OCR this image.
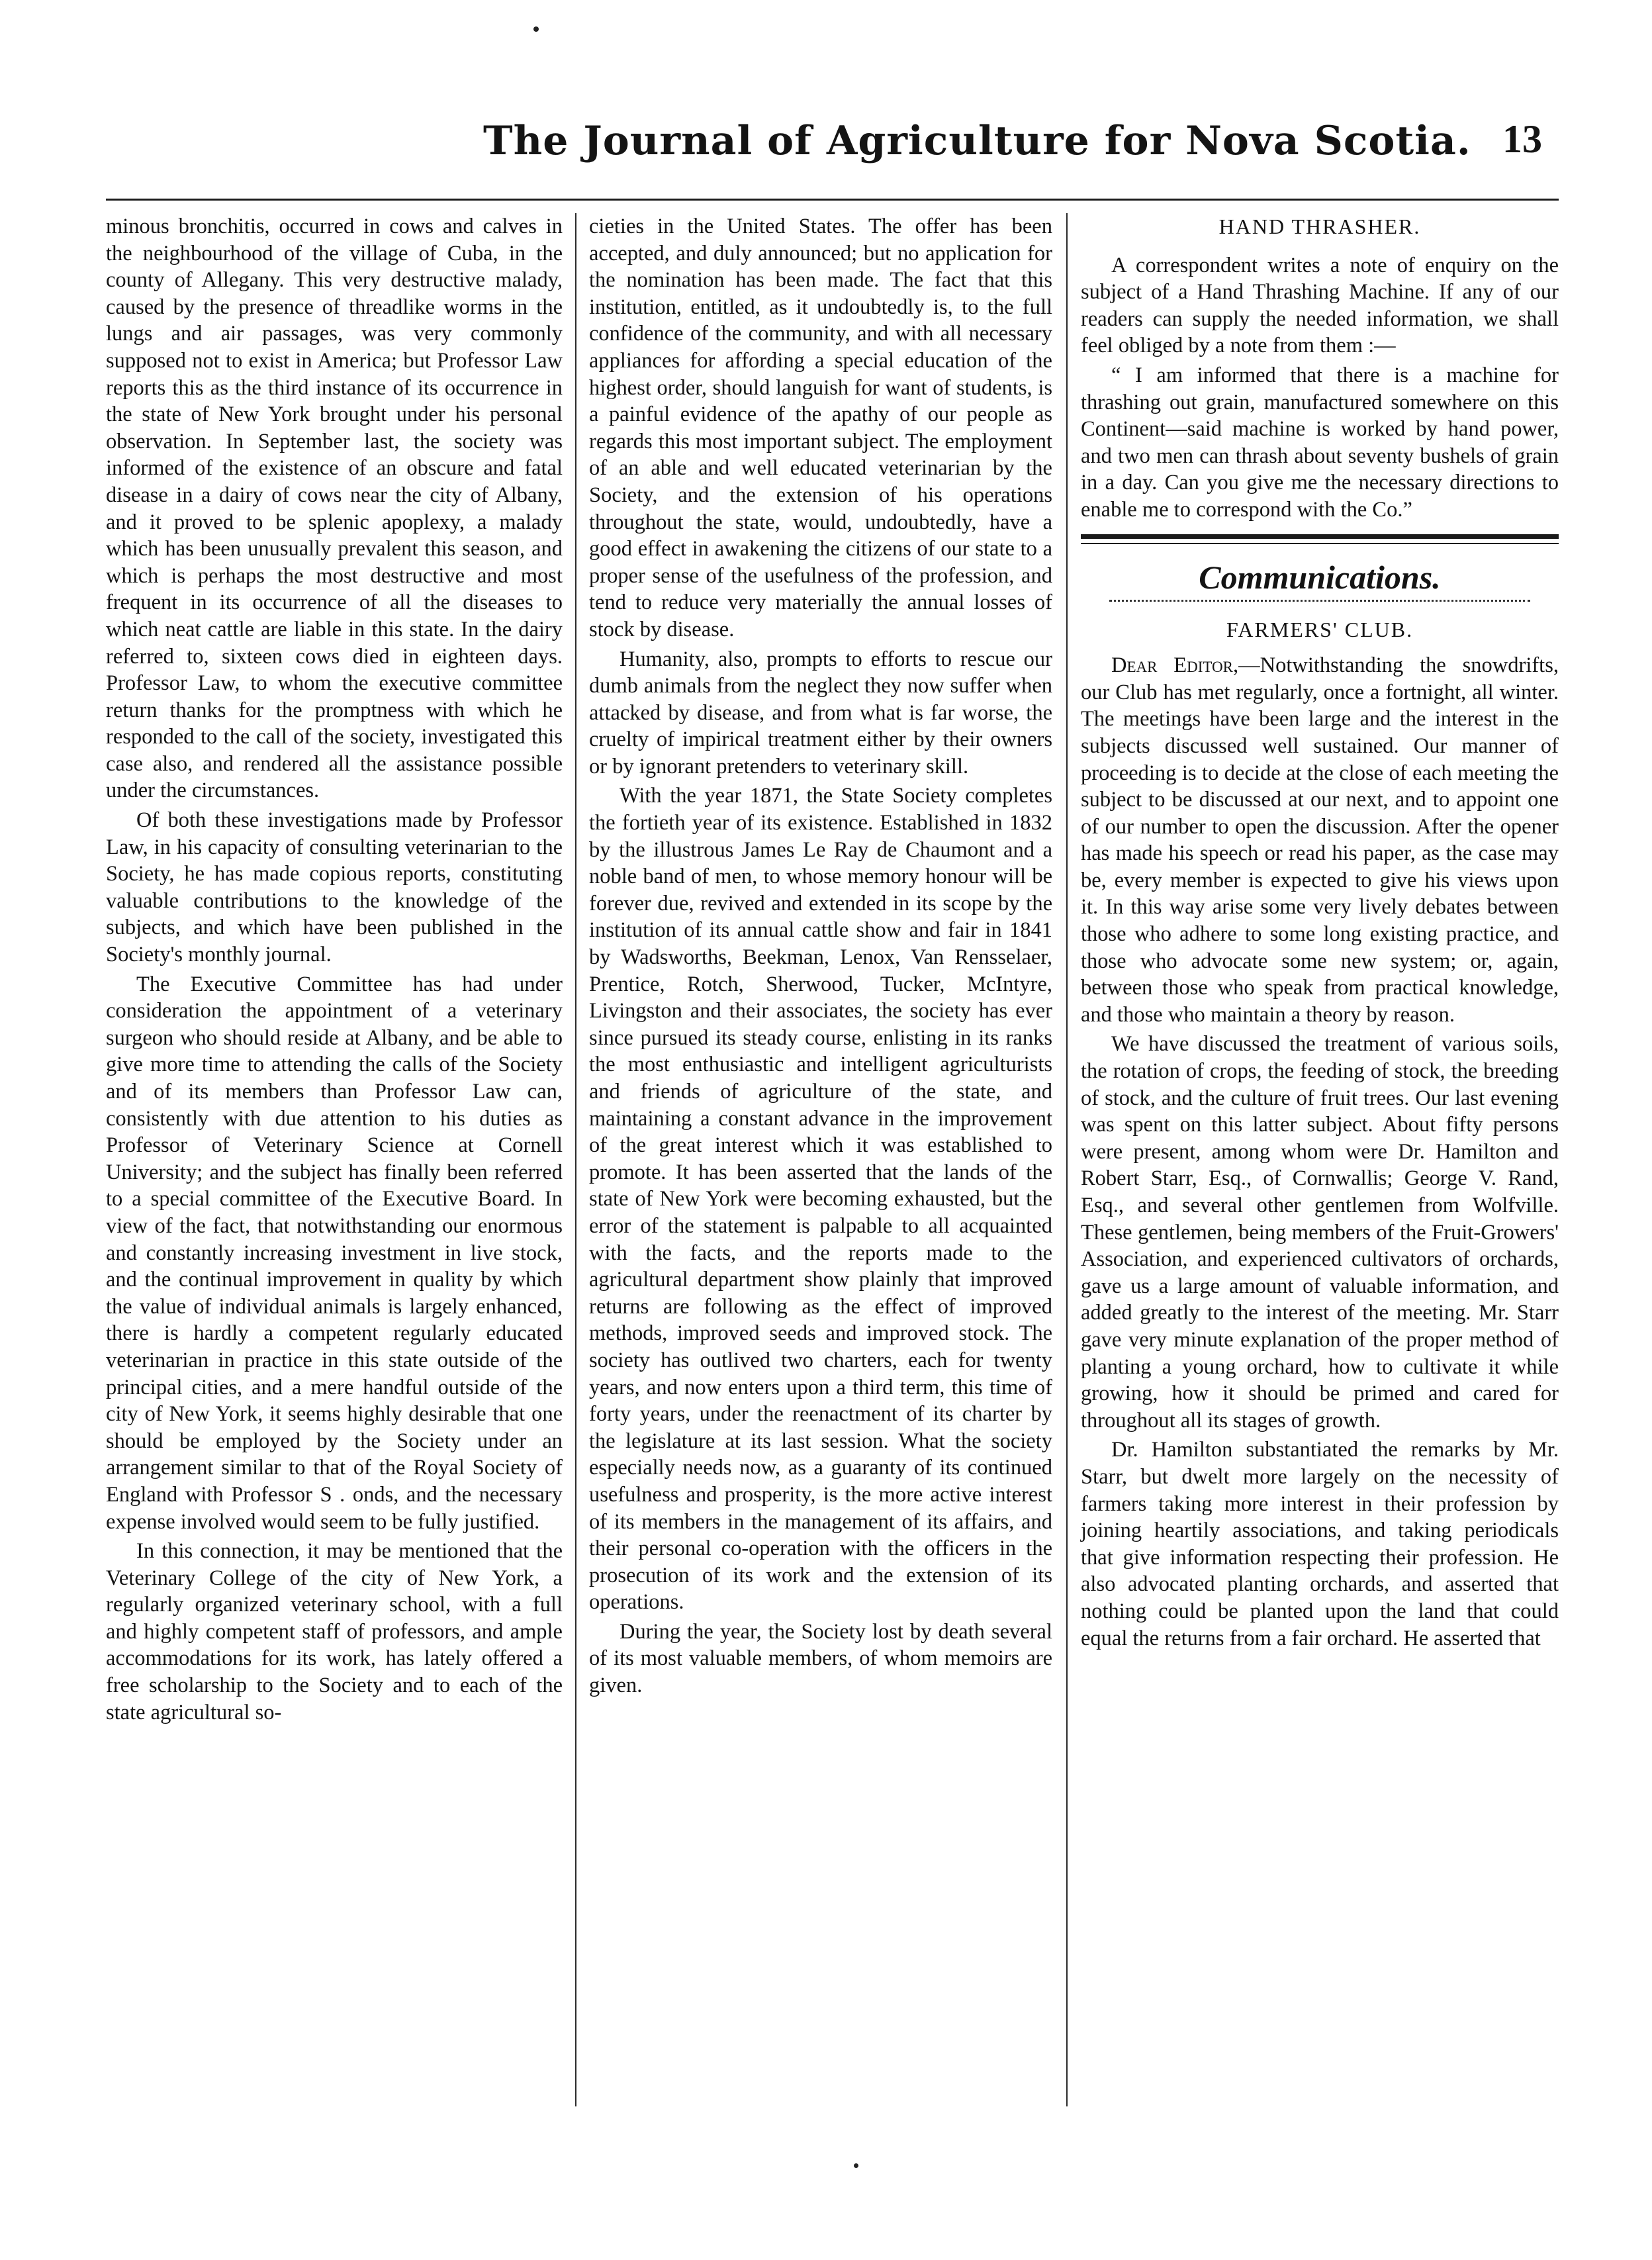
The Journal of Agriculture for Nova Scotia. 13

minous bronchitis, occurred in cows and calves in the neighbourhood of the village of Cuba, in the county of Allegany. This very destructive malady, caused by the presence of threadlike worms in the lungs and air passages, was very commonly supposed not to exist in America; but Professor Law reports this as the third instance of its occurrence in the state of New York brought under his personal observation. In September last, the society was informed of the existence of an obscure and fatal disease in a dairy of cows near the city of Albany, and it proved to be splenic apoplexy, a malady which has been unusually prevalent this season, and which is perhaps the most destructive and most frequent in its occurrence of all the diseases to which neat cattle are liable in this state. In the dairy referred to, sixteen cows died in eighteen days. Professor Law, to whom the executive committee return thanks for the promptness with which he responded to the call of the society, investigated this case also, and rendered all the assistance possible under the circumstances.

Of both these investigations made by Professor Law, in his capacity of consulting veterinarian to the Society, he has made copious reports, constituting valuable contributions to the knowledge of the subjects, and which have been published in the Society's monthly journal.

The Executive Committee has had under consideration the appointment of a veterinary surgeon who should reside at Albany, and be able to give more time to attending the calls of the Society and of its members than Professor Law can, consistently with due attention to his duties as Professor of Veterinary Science at Cornell University; and the subject has finally been referred to a special committee of the Executive Board. In view of the fact, that notwithstanding our enormous and constantly increasing investment in live stock, and the continual improvement in quality by which the value of individual animals is largely enhanced, there is hardly a competent regularly educated veterinarian in practice in this state outside of the principal cities, and a mere handful outside of the city of New York, it seems highly desirable that one should be employed by the Society under an arrangement similar to that of the Royal Society of England with Professor S . onds, and the necessary expense involved would seem to be fully justified.

In this connection, it may be mentioned that the Veterinary College of the city of New York, a regularly organized veterinary school, with a full and highly competent staff of professors, and ample accommodations for its work, has lately offered a free scholarship to the Society and to each of the state agricultural so-

cieties in the United States. The offer has been accepted, and duly announced; but no application for the nomination has been made. The fact that this institution, entitled, as it undoubtedly is, to the full confidence of the community, and with all necessary appliances for affording a special education of the highest order, should languish for want of students, is a painful evidence of the apathy of our people as regards this most important subject. The employment of an able and well educated veterinarian by the Society, and the extension of his operations throughout the state, would, undoubtedly, have a good effect in awakening the citizens of our state to a proper sense of the usefulness of the profession, and tend to reduce very materially the annual losses of stock by disease.

Humanity, also, prompts to efforts to rescue our dumb animals from the neglect they now suffer when attacked by disease, and from what is far worse, the cruelty of impirical treatment either by their owners or by ignorant pretenders to veterinary skill.

With the year 1871, the State Society completes the fortieth year of its existence. Established in 1832 by the illustrous James Le Ray de Chaumont and a noble band of men, to whose memory honour will be forever due, revived and extended in its scope by the institution of its annual cattle show and fair in 1841 by Wadsworths, Beekman, Lenox, Van Rensselaer, Prentice, Rotch, Sherwood, Tucker, McIntyre, Livingston and their associates, the society has ever since pursued its steady course, enlisting in its ranks the most enthusiastic and intelligent agriculturists and friends of agriculture of the state, and maintaining a constant advance in the improvement of the great interest which it was established to promote. It has been asserted that the lands of the state of New York were becoming exhausted, but the error of the statement is palpable to all acquainted with the facts, and the reports made to the agricultural department show plainly that improved returns are following as the effect of improved methods, improved seeds and improved stock. The society has outlived two charters, each for twenty years, and now enters upon a third term, this time of forty years, under the reenactment of its charter by the legislature at its last session. What the society especially needs now, as a guaranty of its continued usefulness and prosperity, is the more active interest of its members in the management of its affairs, and their personal co-operation with the officers in the prosecution of its work and the extension of its operations.

During the year, the Society lost by death several of its most valuable members, of whom memoirs are given.

HAND THRASHER.

A correspondent writes a note of enquiry on the subject of a Hand Thrashing Machine. If any of our readers can supply the needed information, we shall feel obliged by a note from them :—

“ I am informed that there is a machine for thrashing out grain, manufactured somewhere on this Continent—said machine is worked by hand power, and two men can thrash about seventy bushels of grain in a day. Can you give me the necessary directions to enable me to correspond with the Co.”

Communications.
FARMERS' CLUB.

Dear Editor,—Notwithstanding the snowdrifts, our Club has met regularly, once a fortnight, all winter. The meetings have been large and the interest in the subjects discussed well sustained. Our manner of proceeding is to decide at the close of each meeting the subject to be discussed at our next, and to appoint one of our number to open the discussion. After the opener has made his speech or read his paper, as the case may be, every member is expected to give his views upon it. In this way arise some very lively debates between those who adhere to some long existing practice, and those who advocate some new system; or, again, between those who speak from practical knowledge, and those who maintain a theory by reason.

We have discussed the treatment of various soils, the rotation of crops, the feeding of stock, the breeding of stock, and the culture of fruit trees. Our last evening was spent on this latter subject. About fifty persons were present, among whom were Dr. Hamilton and Robert Starr, Esq., of Cornwallis; George V. Rand, Esq., and several other gentlemen from Wolfville. These gentlemen, being members of the Fruit-Growers' Association, and experienced cultivators of orchards, gave us a large amount of valuable information, and added greatly to the interest of the meeting. Mr. Starr gave very minute explanation of the proper method of planting a young orchard, how to cultivate it while growing, how it should be primed and cared for throughout all its stages of growth.

Dr. Hamilton substantiated the remarks by Mr. Starr, but dwelt more largely on the necessity of farmers taking more interest in their profession by joining heartily associations, and taking periodicals that give information respecting their profession. He also advocated planting orchards, and asserted that nothing could be planted upon the land that could equal the returns from a fair orchard. He asserted that
